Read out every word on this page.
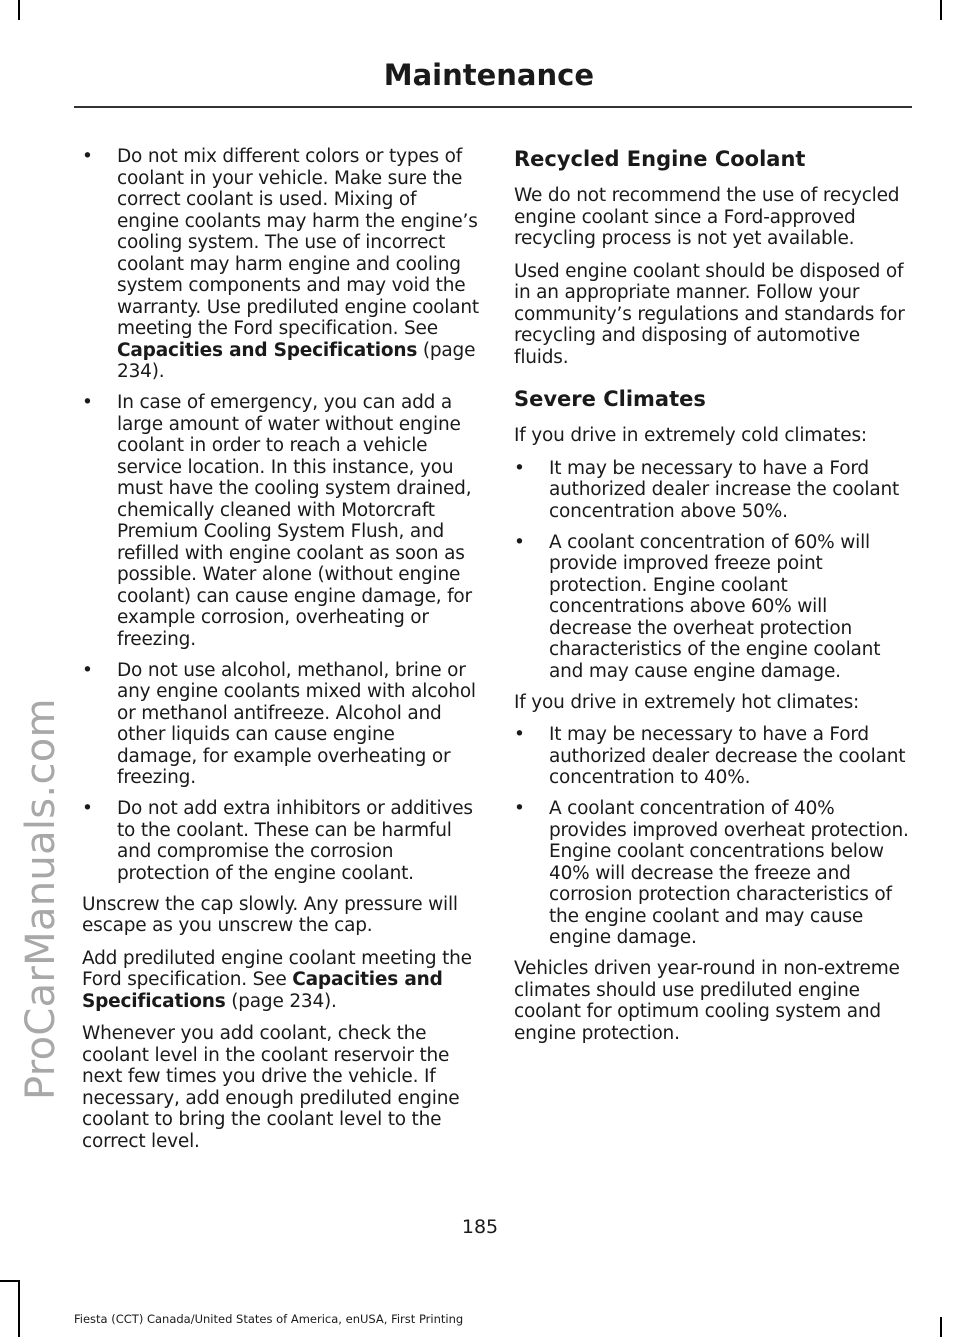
ProCarManuals.com
Maintenance
• Do not mix different colors or types of coolant in your vehicle. Make sure the correct coolant is used. Mixing of engine coolants may harm the engine’s cooling system. The use of incorrect coolant may harm engine and cooling system components and may void the warranty. Use prediluted engine coolant meeting the Ford specification. See Capacities and Specifications (page 234).
• In case of emergency, you can add a large amount of water without engine coolant in order to reach a vehicle service location. In this instance, you must have the cooling system drained, chemically cleaned with Motorcraft Premium Cooling System Flush, and refilled with engine coolant as soon as possible. Water alone (without engine coolant) can cause engine damage, for example corrosion, overheating or freezing.
• Do not use alcohol, methanol, brine or any engine coolants mixed with alcohol or methanol antifreeze. Alcohol and other liquids can cause engine damage, for example overheating or freezing.
• Do not add extra inhibitors or additives to the coolant. These can be harmful and compromise the corrosion protection of the engine coolant.

Unscrew the cap slowly. Any pressure will escape as you unscrew the cap.

Add prediluted engine coolant meeting the Ford specification. See Capacities and Specifications (page 234).

Whenever you add coolant, check the coolant level in the coolant reservoir the next few times you drive the vehicle. If necessary, add enough prediluted engine coolant to bring the coolant level to the correct level.

Recycled Engine Coolant

We do not recommend the use of recycled engine coolant since a Ford-approved recycling process is not yet available.

Used engine coolant should be disposed of in an appropriate manner. Follow your community’s regulations and standards for recycling and disposing of automotive fluids.

Severe Climates

If you drive in extremely cold climates:

• It may be necessary to have a Ford authorized dealer increase the coolant concentration above 50%.
• A coolant concentration of 60% will provide improved freeze point protection. Engine coolant concentrations above 60% will decrease the overheat protection characteristics of the engine coolant and may cause engine damage.

If you drive in extremely hot climates:

• It may be necessary to have a Ford authorized dealer decrease the coolant concentration to 40%.
• A coolant concentration of 40% provides improved overheat protection. Engine coolant concentrations below 40% will decrease the freeze and corrosion protection characteristics of the engine coolant and may cause engine damage.

Vehicles driven year-round in non-extreme climates should use prediluted engine coolant for optimum cooling system and engine protection.

185
Fiesta (CCT) Canada/United States of America, enUSA, First Printing
